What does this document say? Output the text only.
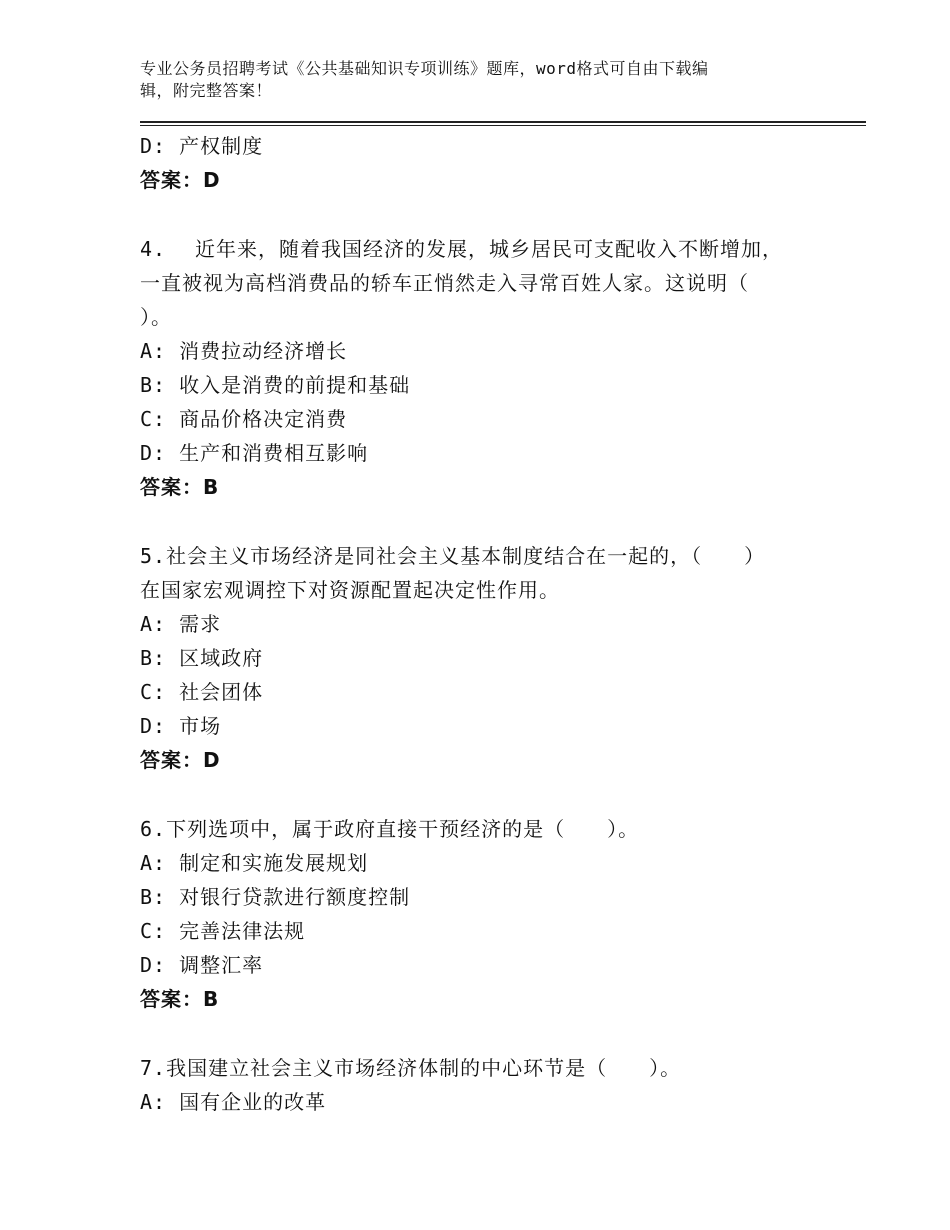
专业公务员招聘考试《公共基础知识专项训练》题库，word格式可自由下载编
辑，附完整答案！
D: 产权制度
答案：D
4. 近年来，随着我国经济的发展，城乡居民可支配收入不断增加，
一直被视为高档消费品的轿车正悄然走入寻常百姓人家。这说明（
）。
A: 消费拉动经济增长
B: 收入是消费的前提和基础
C: 商品价格决定消费
D: 生产和消费相互影响
答案：B
5.社会主义市场经济是同社会主义基本制度结合在一起的，（　　）
在国家宏观调控下对资源配置起决定性作用。
A: 需求
B: 区域政府
C: 社会团体
D: 市场
答案：D
6.下列选项中，属于政府直接干预经济的是（　　）。
A: 制定和实施发展规划
B: 对银行贷款进行额度控制
C: 完善法律法规
D: 调整汇率
答案：B
7.我国建立社会主义市场经济体制的中心环节是（　　）。
A: 国有企业的改革
